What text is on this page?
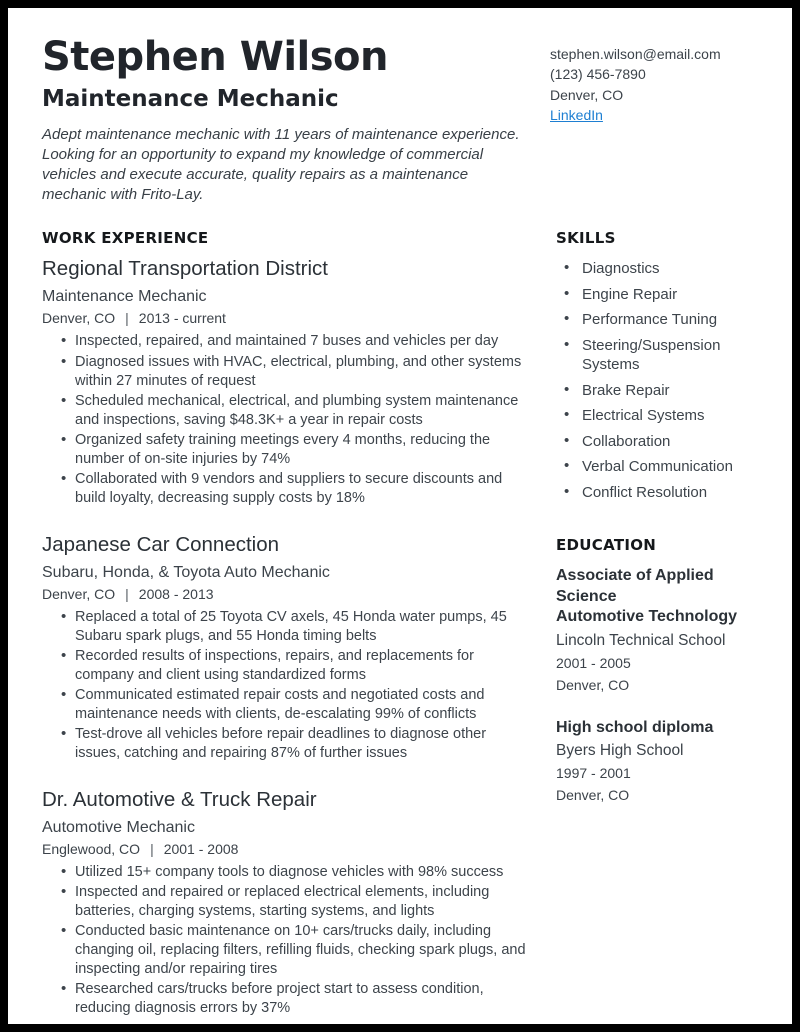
Stephen Wilson
Maintenance Mechanic
Adept maintenance mechanic with 11 years of maintenance experience. Looking for an opportunity to expand my knowledge of commercial vehicles and execute accurate, quality repairs as a maintenance mechanic with Frito-Lay.
stephen.wilson@email.com
(123) 456-7890
Denver, CO
LinkedIn
WORK EXPERIENCE
Regional Transportation District
Maintenance Mechanic
Denver, CO | 2013 - current
• Inspected, repaired, and maintained 7 buses and vehicles per day
• Diagnosed issues with HVAC, electrical, plumbing, and other systems within 27 minutes of request
• Scheduled mechanical, electrical, and plumbing system maintenance and inspections, saving $48.3K+ a year in repair costs
• Organized safety training meetings every 4 months, reducing the number of on-site injuries by 74%
• Collaborated with 9 vendors and suppliers to secure discounts and build loyalty, decreasing supply costs by 18%
Japanese Car Connection
Subaru, Honda, & Toyota Auto Mechanic
Denver, CO | 2008 - 2013
• Replaced a total of 25 Toyota CV axels, 45 Honda water pumps, 45 Subaru spark plugs, and 55 Honda timing belts
• Recorded results of inspections, repairs, and replacements for company and client using standardized forms
• Communicated estimated repair costs and negotiated costs and maintenance needs with clients, de-escalating 99% of conflicts
• Test-drove all vehicles before repair deadlines to diagnose other issues, catching and repairing 87% of further issues
Dr. Automotive & Truck Repair
Automotive Mechanic
Englewood, CO | 2001 - 2008
• Utilized 15+ company tools to diagnose vehicles with 98% success
• Inspected and repaired or replaced electrical elements, including batteries, charging systems, starting systems, and lights
• Conducted basic maintenance on 10+ cars/trucks daily, including changing oil, replacing filters, refilling fluids, checking spark plugs, and inspecting and/or repairing tires
• Researched cars/trucks before project start to assess condition, reducing diagnosis errors by 37%
SKILLS
• Diagnostics
• Engine Repair
• Performance Tuning
• Steering/Suspension Systems
• Brake Repair
• Electrical Systems
• Collaboration
• Verbal Communication
• Conflict Resolution
EDUCATION
Associate of Applied Science
Automotive Technology
Lincoln Technical School
2001 - 2005
Denver, CO
High school diploma
Byers High School
1997 - 2001
Denver, CO
